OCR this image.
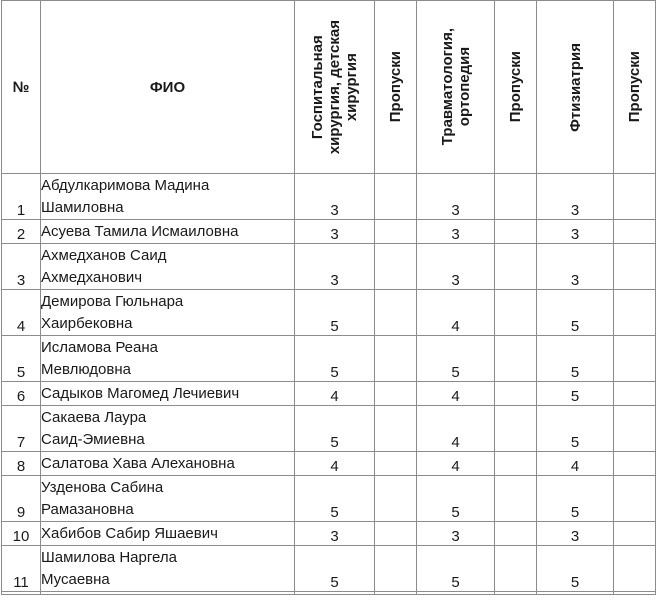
№	ФИО	Госпитальная
хирургия, детская
хирургия	Пропуски	Травматология,
ортопедия	Пропуски	Фтизиатрия	Пропуски

1	Абдулкаримова Мадина
Шамиловна	3		3		3	
2	Асуева Тамила Исмаиловна	3		3		3	
3	Ахмедханов Саид
Ахмедханович	3		3		3	
4	Демирова Гюльнара
Хаирбековна	5		4		5	
5	Исламова Реана
Мевлюдовна	5		5		5	
6	Садыков Магомед Лечиевич	4		4		5	
7	Сакаева Лаура
Саид-Эмиевна	5		4		5	
8	Салатова Хава Алехановна	4		4		4	
9	Узденова Сабина
Рамазановна	5		5		5	
10	Хабибов Сабир Яшаевич	3		3		3	
11	Шамилова Наргела
Мусаевна	5		5		5	
